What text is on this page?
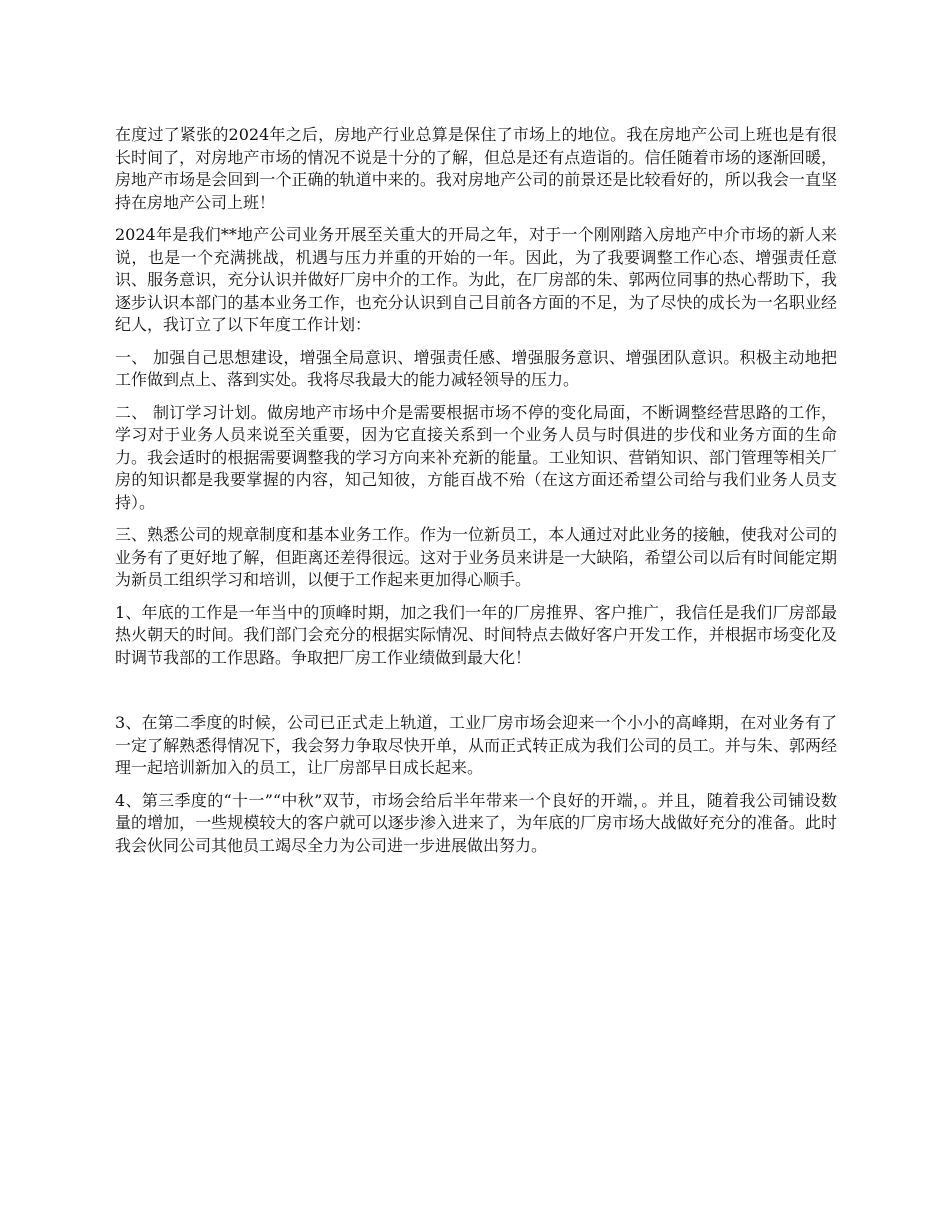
在度过了紧张的2024年之后，房地产行业总算是保住了市场上的地位。我在房地产公司上班也是有很长时间了，对房地产市场的情况不说是十分的了解，但总是还有点造诣的。信任随着市场的逐渐回暖，房地产市场是会回到一个正确的轨道中来的。我对房地产公司的前景还是比较看好的，所以我会一直坚持在房地产公司上班！

2024年是我们**地产公司业务开展至关重大的开局之年，对于一个刚刚踏入房地产中介市场的新人来说，也是一个充满挑战，机遇与压力并重的开始的一年。因此，为了我要调整工作心态、增强责任意识、服务意识，充分认识并做好厂房中介的工作。为此，在厂房部的朱、郭两位同事的热心帮助下，我逐步认识本部门的基本业务工作，也充分认识到自己目前各方面的不足，为了尽快的成长为一名职业经纪人，我订立了以下年度工作计划：

一、 加强自己思想建设，增强全局意识、增强责任感、增强服务意识、增强团队意识。积极主动地把工作做到点上、落到实处。我将尽我最大的能力减轻领导的压力。

二、 制订学习计划。做房地产市场中介是需要根据市场不停的变化局面，不断调整经营思路的工作，学习对于业务人员来说至关重要，因为它直接关系到一个业务人员与时俱进的步伐和业务方面的生命力。我会适时的根据需要调整我的学习方向来补充新的能量。工业知识、营销知识、部门管理等相关厂房的知识都是我要掌握的内容，知己知彼，方能百战不殆（在这方面还希望公司给与我们业务人员支持）。

三、熟悉公司的规章制度和基本业务工作。作为一位新员工，本人通过对此业务的接触，使我对公司的业务有了更好地了解，但距离还差得很远。这对于业务员来讲是一大缺陷，希望公司以后有时间能定期为新员工组织学习和培训，以便于工作起来更加得心顺手。

1、年底的工作是一年当中的顶峰时期，加之我们一年的厂房推界、客户推广，我信任是我们厂房部最热火朝天的时间。我们部门会充分的根据实际情况、时间特点去做好客户开发工作，并根据市场变化及时调节我部的工作思路。争取把厂房工作业绩做到最大化！

3、在第二季度的时候，公司已正式走上轨道，工业厂房市场会迎来一个小小的高峰期，在对业务有了一定了解熟悉得情况下，我会努力争取尽快开单，从而正式转正成为我们公司的员工。并与朱、郭两经理一起培训新加入的员工，让厂房部早日成长起来。

4、第三季度的“十一”“中秋”双节，市场会给后半年带来一个良好的开端，。并且，随着我公司铺设数量的增加，一些规模较大的客户就可以逐步渗入进来了，为年底的厂房市场大战做好充分的准备。此时我会伙同公司其他员工竭尽全力为公司进一步进展做出努力。
